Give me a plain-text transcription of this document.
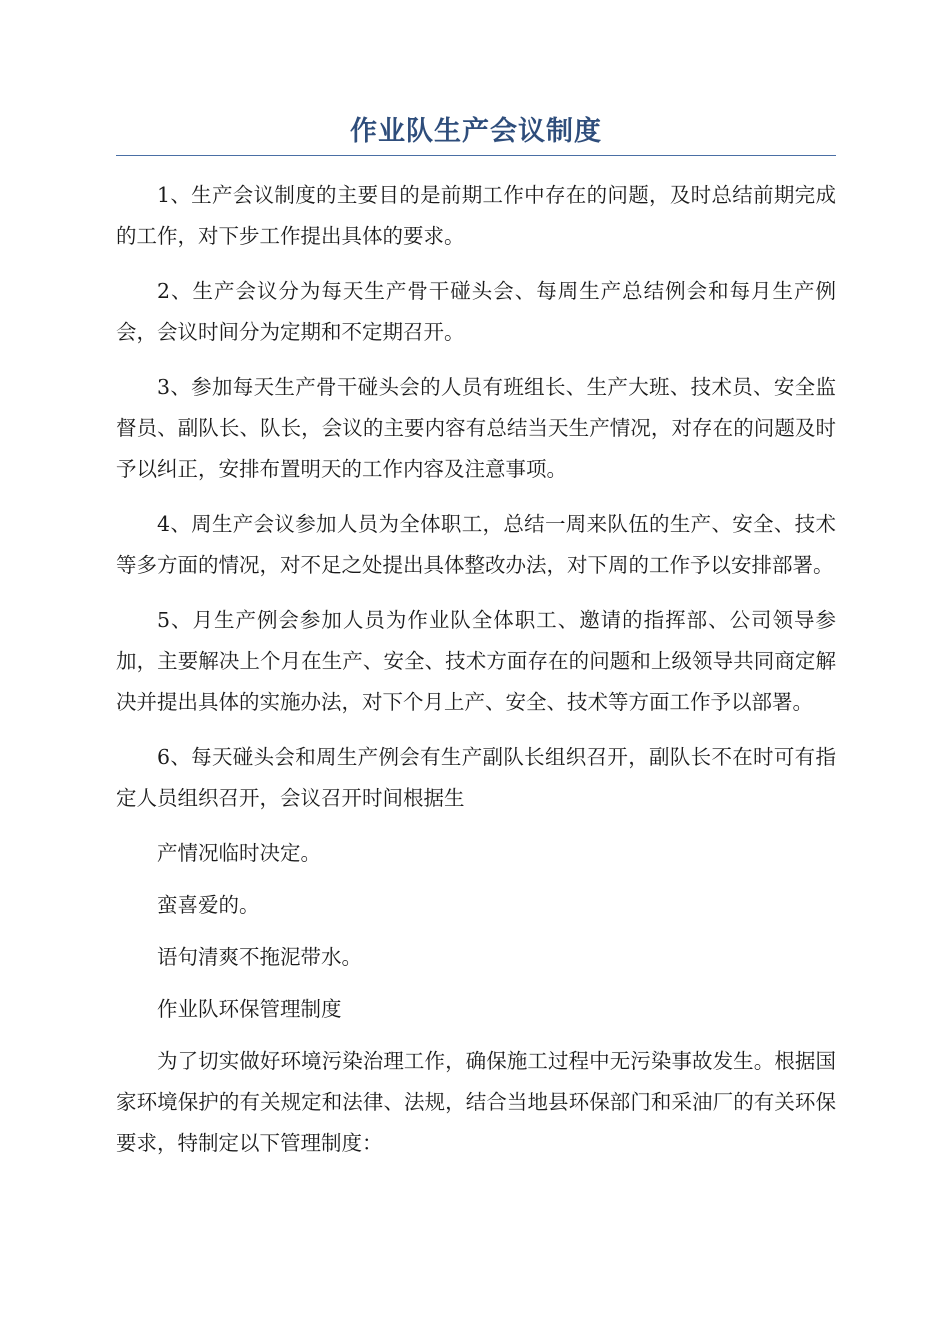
作业队生产会议制度

1、生产会议制度的主要目的是前期工作中存在的问题，及时总结前期完成的工作，对下步工作提出具体的要求。

2、生产会议分为每天生产骨干碰头会、每周生产总结例会和每月生产例会，会议时间分为定期和不定期召开。

3、参加每天生产骨干碰头会的人员有班组长、生产大班、技术员、安全监督员、副队长、队长，会议的主要内容有总结当天生产情况，对存在的问题及时予以纠正，安排布置明天的工作内容及注意事项。

4、周生产会议参加人员为全体职工，总结一周来队伍的生产、安全、技术等多方面的情况，对不足之处提出具体整改办法，对下周的工作予以安排部署。

5、月生产例会参加人员为作业队全体职工、邀请的指挥部、公司领导参加，主要解决上个月在生产、安全、技术方面存在的问题和上级领导共同商定解决并提出具体的实施办法，对下个月上产、安全、技术等方面工作予以部署。

6、每天碰头会和周生产例会有生产副队长组织召开，副队长不在时可有指定人员组织召开，会议召开时间根据生

产情况临时决定。

蛮喜爱的。

语句清爽不拖泥带水。

作业队环保管理制度

为了切实做好环境污染治理工作，确保施工过程中无污染事故发生。根据国家环境保护的有关规定和法律、法规，结合当地县环保部门和采油厂的有关环保要求，特制定以下管理制度：
